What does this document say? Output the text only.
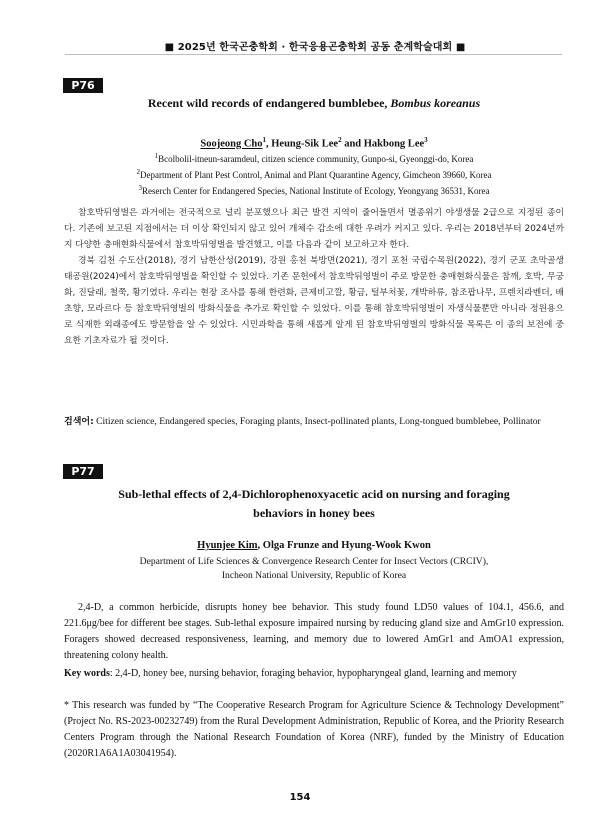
■ 2025년 한국곤충학회 · 한국응용곤충학회 공동 춘계학술대회 ■
P76
Recent wild records of endangered bumblebee, Bombus koreanus
Soojeong Cho$^1$, Heung-Sik Lee$^2$ and Hakbong Lee$^3$
$^1$Bcolbolil-itneun-saramdeul, citizen science community, Gunpo-si, Gyeonggi-do, Korea
$^2$Department of Plant Pest Control, Animal and Plant Quarantine Agency, Gimcheon 39660, Korea
$^3$Reserch Center for Endangered Species, National Institute of Ecology, Yeongyang 36531, Korea

참호박뒤영벌은 과거에는 전국적으로 널리 분포했으나 최근 발견 지역이 줄어들면서 멸종위기 야생생물 2급으로 지정된 종이다. 기존에 보고된 지점에서는 더 이상 확인되지 않고 있어 개체수 감소에 대한 우려가 커지고 있다. 우리는 2018년부터 2024년까지 다양한 충매현화식물에서 참호박뒤영벌을 발견했고, 이를 다음과 같이 보고하고자 한다.

경북 김천 수도산(2018), 경기 남한산성(2019), 강원 홍천 북방면(2021), 경기 포천 국립수목원(2022), 경기 군포 초막골생태공원(2024)에서 참호박뒤영벌을 확인할 수 있었다. 기존 문헌에서 참호박뒤영벌이 주로 방문한 충매현화식물은 참깨, 호박, 무궁화, 진달래, 철쭉, 황기였다. 우리는 현장 조사를 통해 한련화, 큰제비고깔, 황금, 털부처꽃, 개박하류, 참조팝나무, 프렌치라벤더, 배초향, 모라르다 등 참호박뒤영벌의 방화식물을 추가로 확인할 수 있었다. 이를 통해 참호박뒤영벌이 자생식물뿐만 아니라 정원용으로 식재한 외래종에도 방문함을 알 수 있었다. 시민과학을 통해 새롭게 알게 된 참호박뒤영벌의 방화식물 목록은 이 종의 보전에 중요한 기초자료가 될 것이다.

검색어: Citizen science, Endangered species, Foraging plants, Insect-pollinated plants, Long-tongued bumblebee, Pollinator
P77
Sub-lethal effects of 2,4-Dichlorophenoxyacetic acid on nursing and foraging
behaviors in honey bees
Hyunjee Kim, Olga Frunze and Hyung-Wook Kwon
Department of Life Sciences & Convergence Research Center for Insect Vectors (CRCIV),
Incheon National University, Republic of Korea

2,4-D, a common herbicide, disrupts honey bee behavior. This study found LD50 values of 104.1, 456.6, and 221.6μg/bee for different bee stages. Sub-lethal exposure impaired nursing by reducing gland size and AmGr10 expression. Foragers showed decreased responsiveness, learning, and memory due to lowered AmGr1 and AmOA1 expression, threatening colony health.

Key words: 2,4-D, honey bee, nursing behavior, foraging behavior, hypopharyngeal gland, learning and memory
* This research was funded by “The Cooperative Research Program for Agriculture Science & Technology Development” (Project No. RS-2023-00232749) from the Rural Development Administration, Republic of Korea, and the Priority Research Centers Program through the National Research Foundation of Korea (NRF), funded by the Ministry of Education (2020R1A6A1A03041954).
154
